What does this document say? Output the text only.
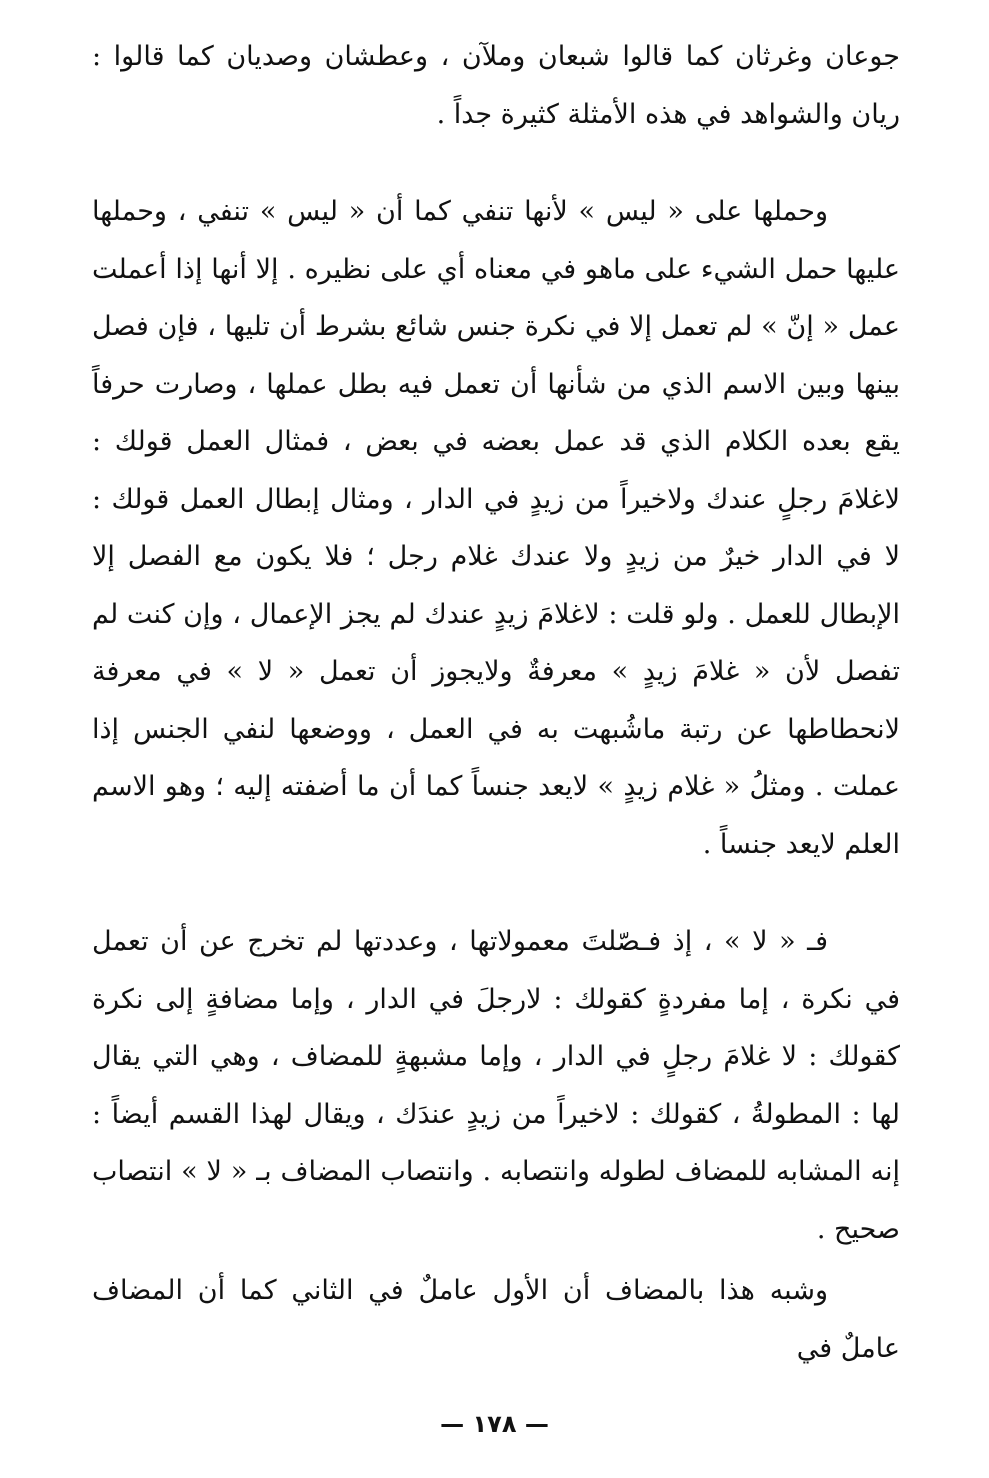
جوعان وغرثان كما قالوا شبعان وملآن ، وعطشان وصديان كما قالوا : ريان والشواهد في هذه الأمثلة كثيرة جداً .

وحملها على « ليس » لأنها تنفي كما أن « ليس » تنفي ، وحملها عليها حمل الشيء على ماهو في معناه أي على نظيره . إلا أنها إذا أعملت عمل « إنّ » لم تعمل إلا في نكرة جنس شائع بشرط أن تليها ، فإن فصل بينها وبين الاسم الذي من شأنها أن تعمل فيه بطل عملها ، وصارت حرفاً يقع بعده الكلام الذي قد عمل بعضه في بعض ، فمثال العمل قولك : لاغلامَ رجلٍ عندك ولاخيراً من زيدٍ في الدار ، ومثال إبطال العمل قولك : لا في الدار خيرٌ من زيدٍ ولا عندك غلام رجل ؛ فلا يكون مع الفصل إلا الإبطال للعمل . ولو قلت : لاغلامَ زيدٍ عندك لم يجز الإعمال ، وإن كنت لم تفصل لأن « غلامَ زيدٍ » معرفةٌ ولايجوز أن تعمل « لا » في معرفة لانحطاطها عن رتبة ماشُبهت به في العمل ، ووضعها لنفي الجنس إذا عملت . ومثلُ « غلام زيدٍ » لايعد جنساً كما أن ما أضفته إليه ؛ وهو الاسم العلم لايعد جنساً .

فـ « لا » ، إذ فـصّلتَ معمولاتها ، وعددتها لم تخرج عن أن تعمل في نكرة ، إما مفردةٍ كقولك : لارجلَ في الدار ، وإما مضافةٍ إلى نكرة كقولك : لا غلامَ رجلٍ في الدار ، وإما مشبهةٍ للمضاف ، وهي التي يقال لها : المطولةُ ، كقولك : لاخيراً من زيدٍ عندَك ، ويقال لهذا القسم أيضاً : إنه المشابه للمضاف لطوله وانتصابه . وانتصاب المضاف بـ « لا » انتصاب صحيح .

وشبه هذا بالمضاف أن الأول عاملٌ في الثاني كما أن المضاف عاملٌ في

— ١٧٨ —
